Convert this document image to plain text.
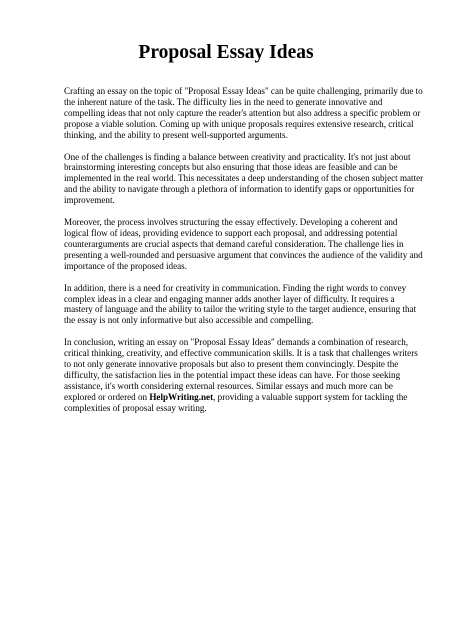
Proposal Essay Ideas

Crafting an essay on the topic of "Proposal Essay Ideas" can be quite challenging, primarily due to the inherent nature of the task. The difficulty lies in the need to generate innovative and compelling ideas that not only capture the reader's attention but also address a specific problem or propose a viable solution. Coming up with unique proposals requires extensive research, critical thinking, and the ability to present well-supported arguments.

One of the challenges is finding a balance between creativity and practicality. It's not just about brainstorming interesting concepts but also ensuring that those ideas are feasible and can be implemented in the real world. This necessitates a deep understanding of the chosen subject matter and the ability to navigate through a plethora of information to identify gaps or opportunities for improvement.

Moreover, the process involves structuring the essay effectively. Developing a coherent and logical flow of ideas, providing evidence to support each proposal, and addressing potential counterarguments are crucial aspects that demand careful consideration. The challenge lies in presenting a well-rounded and persuasive argument that convinces the audience of the validity and importance of the proposed ideas.

In addition, there is a need for creativity in communication. Finding the right words to convey complex ideas in a clear and engaging manner adds another layer of difficulty. It requires a mastery of language and the ability to tailor the writing style to the target audience, ensuring that the essay is not only informative but also accessible and compelling.

In conclusion, writing an essay on "Proposal Essay Ideas" demands a combination of research, critical thinking, creativity, and effective communication skills. It is a task that challenges writers to not only generate innovative proposals but also to present them convincingly. Despite the difficulty, the satisfaction lies in the potential impact these ideas can have. For those seeking assistance, it's worth considering external resources. Similar essays and much more can be explored or ordered on HelpWriting.net, providing a valuable support system for tackling the complexities of proposal essay writing.
